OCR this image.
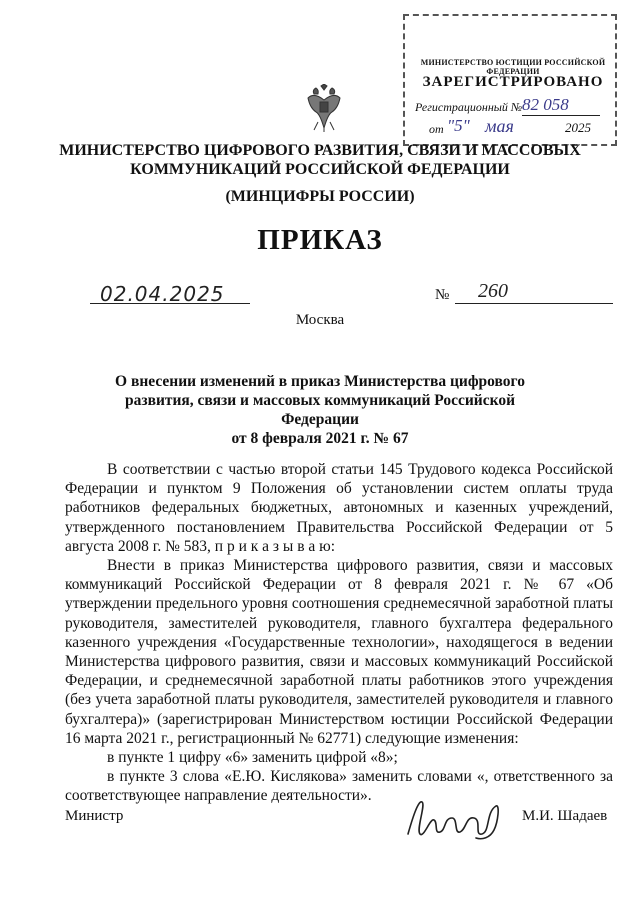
МИНИСТЕРСТВО ЮСТИЦИИ РОССИЙСКОЙ ФЕДЕРАЦИИ
ЗАРЕГИСТРИРОВАНО
Регистрационный № 82 058
от "5" мая	2025
МИНИСТЕРСТВО ЦИФРОВОГО РАЗВИТИЯ, СВЯЗИ И МАССОВЫХ
КОММУНИКАЦИЙ РОССИЙСКОЙ ФЕДЕРАЦИИ
(МИНЦИФРЫ РОССИИ)
ПРИКАЗ
02.04.2025	№ 260
Москва
О внесении изменений в приказ Министерства цифрового
развития, связи и массовых коммуникаций Российской Федерации
от 8 февраля 2021 г. № 67

В соответствии с частью второй статьи 145 Трудового кодекса Российской Федерации и пунктом 9 Положения об установлении систем оплаты труда работников федеральных бюджетных, автономных и казенных учреждений, утвержденного постановлением Правительства Российской Федерации от 5 августа 2008 г. № 583, п р и к а з ы в а ю:

Внести в приказ Министерства цифрового развития, связи и массовых коммуникаций Российской Федерации от 8 февраля 2021 г. № 67 «Об утверждении предельного уровня соотношения среднемесячной заработной платы руководителя, заместителей руководителя, главного бухгалтера федерального казенного учреждения «Государственные технологии», находящегося в ведении Министерства цифрового развития, связи и массовых коммуникаций Российской Федерации, и среднемесячной заработной платы работников этого учреждения (без учета заработной платы руководителя, заместителей руководителя и главного бухгалтера)» (зарегистрирован Министерством юстиции Российской Федерации 16 марта 2021 г., регистрационный № 62771) следующие изменения:

в пункте 1 цифру «6» заменить цифрой «8»;

в пункте 3 слова «Е.Ю. Кислякова» заменить словами «, ответственного за соответствующее направление деятельности».

Министр	М.И. Шадаев
